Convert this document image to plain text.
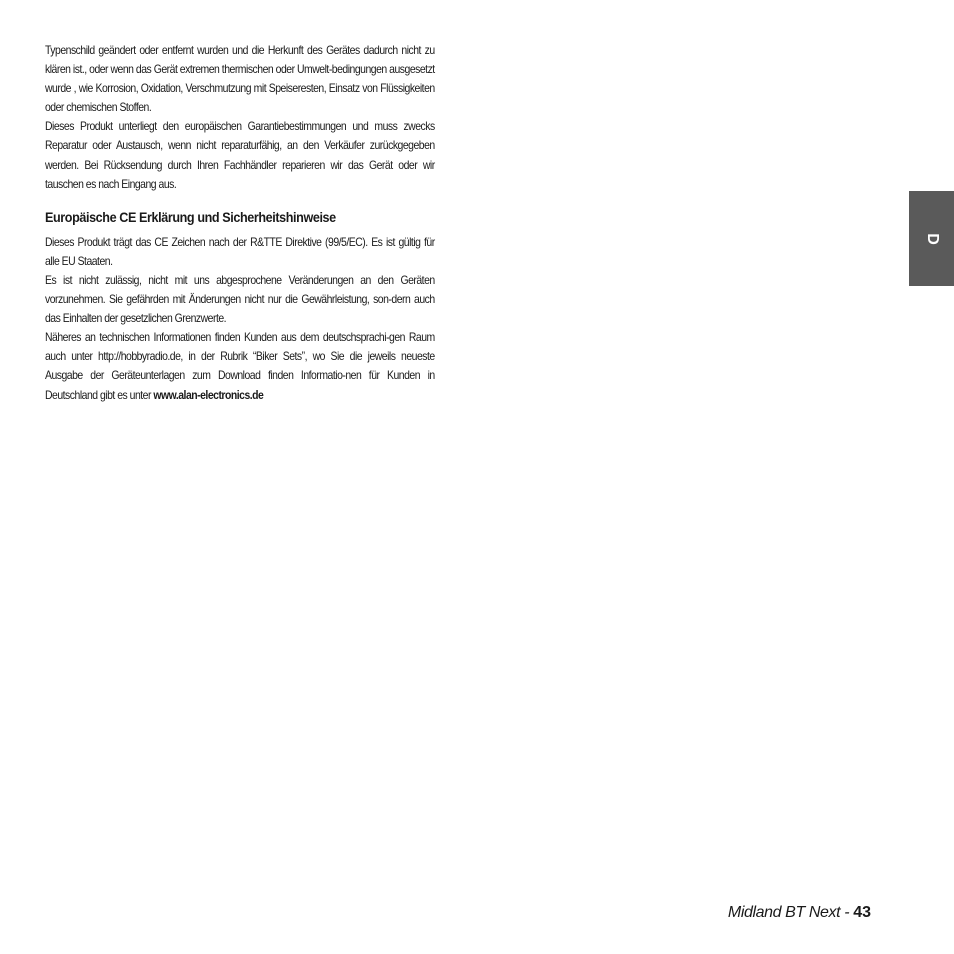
Typenschild geändert oder entfernt wurden und die Herkunft des Gerätes dadurch nicht zu klären ist., oder wenn das Gerät extremen thermischen oder Umwelt-bedingungen ausgesetzt wurde , wie Korrosion, Oxidation, Verschmutzung mit Speiseresten, Einsatz von Flüssigkeiten oder chemischen Stoffen.

Dieses Produkt unterliegt den europäischen Garantiebestimmungen und muss zwecks Reparatur oder Austausch, wenn nicht reparaturfähig, an den Verkäufer zurückgegeben werden. Bei Rücksendung durch Ihren Fachhändler reparieren wir das Gerät oder wir tauschen es nach Eingang aus.

Europäische CE Erklärung und Sicherheitshinweise

Dieses Produkt trägt das CE Zeichen nach der R&TTE Direktive (99/5/EC). Es ist gültig für alle EU Staaten.

Es ist nicht zulässig, nicht mit uns abgesprochene Veränderungen an den Geräten vorzunehmen. Sie gefährden mit Änderungen nicht nur die Gewährleistung, son-dern auch das Einhalten der gesetzlichen Grenzwerte.

Näheres an technischen Informationen finden Kunden aus dem deutschsprachi-gen Raum auch unter http://hobbyradio.de, in der Rubrik “Biker Sets”, wo Sie die jeweils neueste Ausgabe der Geräteunterlagen zum Download finden Informatio-nen für Kunden in Deutschland gibt es unter www.alan-electronics.de

D
Midland BT Next - 43
